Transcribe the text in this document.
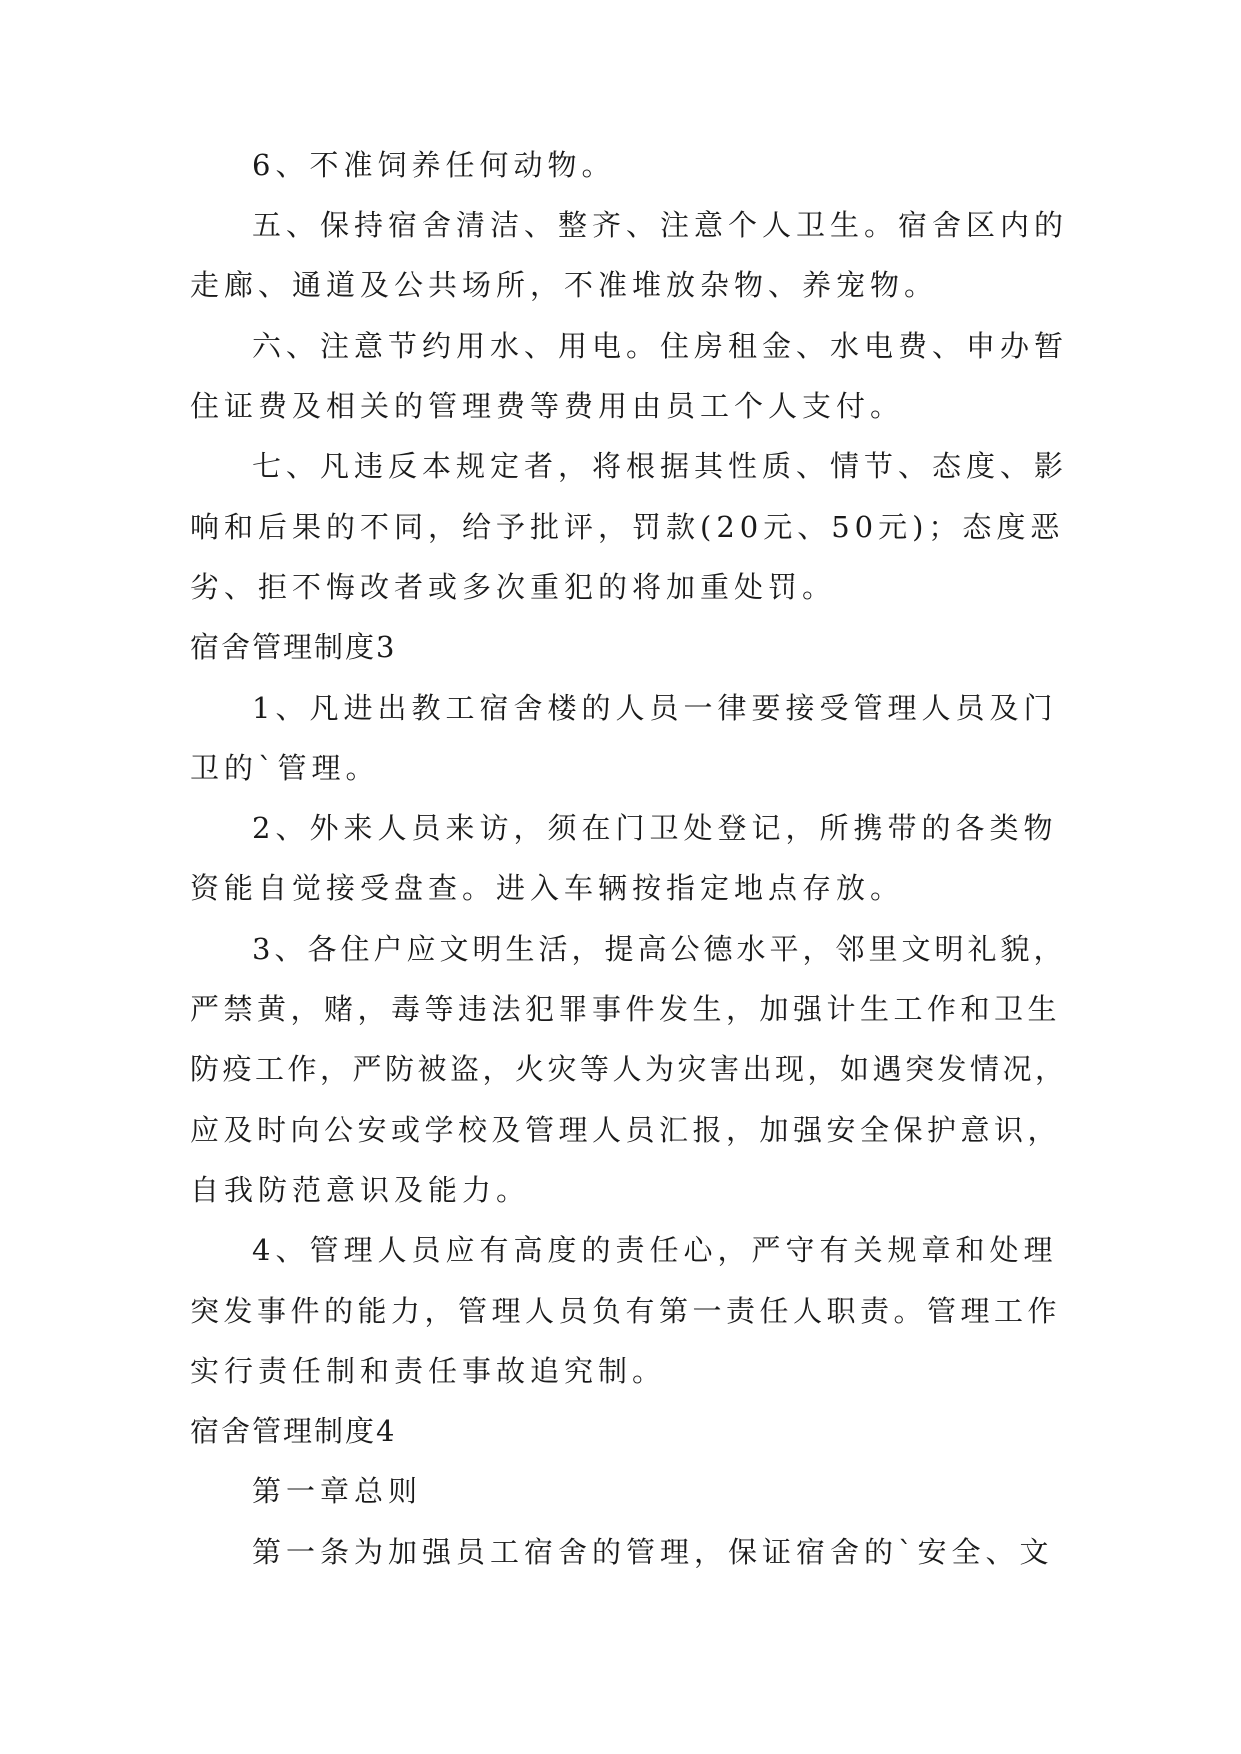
6、不准饲养任何动物。
五、保持宿舍清洁、整齐、注意个人卫生。宿舍区内的
走廊、通道及公共场所，不准堆放杂物、养宠物。
六、注意节约用水、用电。住房租金、水电费、申办暂
住证费及相关的管理费等费用由员工个人支付。
七、凡违反本规定者，将根据其性质、情节、态度、影
响和后果的不同，给予批评，罚款(20元、50元)；态度恶
劣、拒不悔改者或多次重犯的将加重处罚。
宿舍管理制度3
1、凡进出教工宿舍楼的人员一律要接受管理人员及门
卫的`管理。
2、外来人员来访，须在门卫处登记，所携带的各类物
资能自觉接受盘查。进入车辆按指定地点存放。
3、各住户应文明生活，提高公德水平，邻里文明礼貌，
严禁黄，赌，毒等违法犯罪事件发生，加强计生工作和卫生
防疫工作，严防被盗，火灾等人为灾害出现，如遇突发情况，
应及时向公安或学校及管理人员汇报，加强安全保护意识，
自我防范意识及能力。
4、管理人员应有高度的责任心，严守有关规章和处理
突发事件的能力，管理人员负有第一责任人职责。管理工作
实行责任制和责任事故追究制。
宿舍管理制度4
第一章总则
第一条为加强员工宿舍的管理，保证宿舍的`安全、文
